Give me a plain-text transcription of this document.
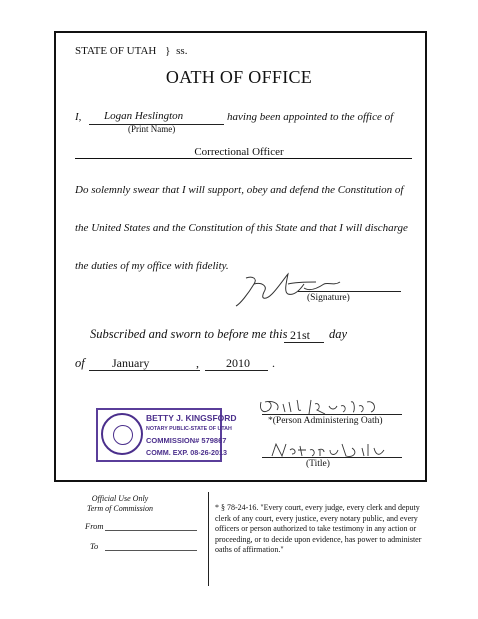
STATE OF UTAH } ss.
OATH OF OFFICE
I, Logan Heslington	having been appointed to the office of
(Print Name)
Correctional Officer
Do solemnly swear that I will support, obey and defend the Constitution of
the United States and the Constitution of this State and that I will discharge
the duties of my office with fidelity.
(Signature)
Subscribed and sworn to before me this 21st day
of January	, 2010 .
BETTY J. KINGSFORD
NOTARY PUBLIC-STATE OF UTAH
COMMISSION# 579867
COMM. EXP. 08-26-2013
*(Person Administering Oath)
(Title)
Official Use Only
Term of Commission
From
To
* § 78-24-16. "Every court, every judge, every clerk and deputy clerk of any court, every justice, every notary public, and every officers or person authorized to take testimony in any action or proceeding, or to decide upon evidence, has power to administer oaths of affirmation."
